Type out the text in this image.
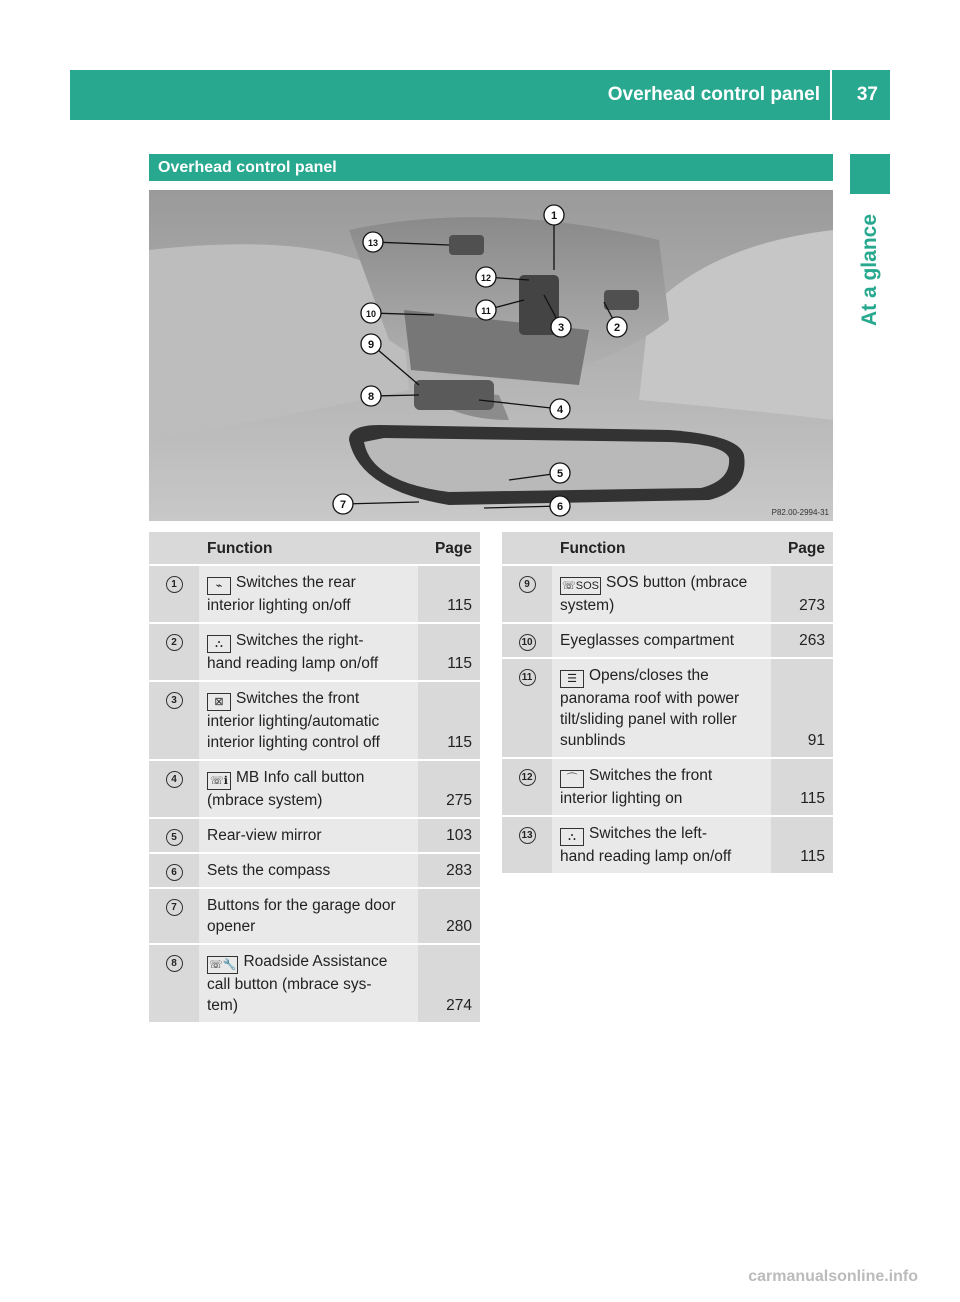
Overhead control panel 37
At a glance
Overhead control panel
1
2
3
4
5
6
7
8
9
10	11
12
13
P82.00-2994-31
	Function	Page
1	⌁ Switches the rear
interior lighting on/off	115
2	⛬ Switches the right-
hand reading lamp on/off	115
3	⊠ Switches the front
interior lighting/automatic
interior lighting control off	115
4	☏ℹ MB Info call button
(mbrace system)	275
5	Rear-view mirror	103
6	Sets the compass	283
7	Buttons for the garage door
opener	280
8	☏🔧 Roadside Assistance
call button (mbrace sys-
tem)	274
	Function	Page
9	☏SOS SOS button (mbrace
system)	273
10	Eyeglasses compartment	263
11	☰ Opens/closes the
panorama roof with power
tilt/sliding panel with roller
sunblinds	91
12	⌒ Switches the front
interior lighting on	115
13	⛬ Switches the left-
hand reading lamp on/off	115
carmanualsonline.info
